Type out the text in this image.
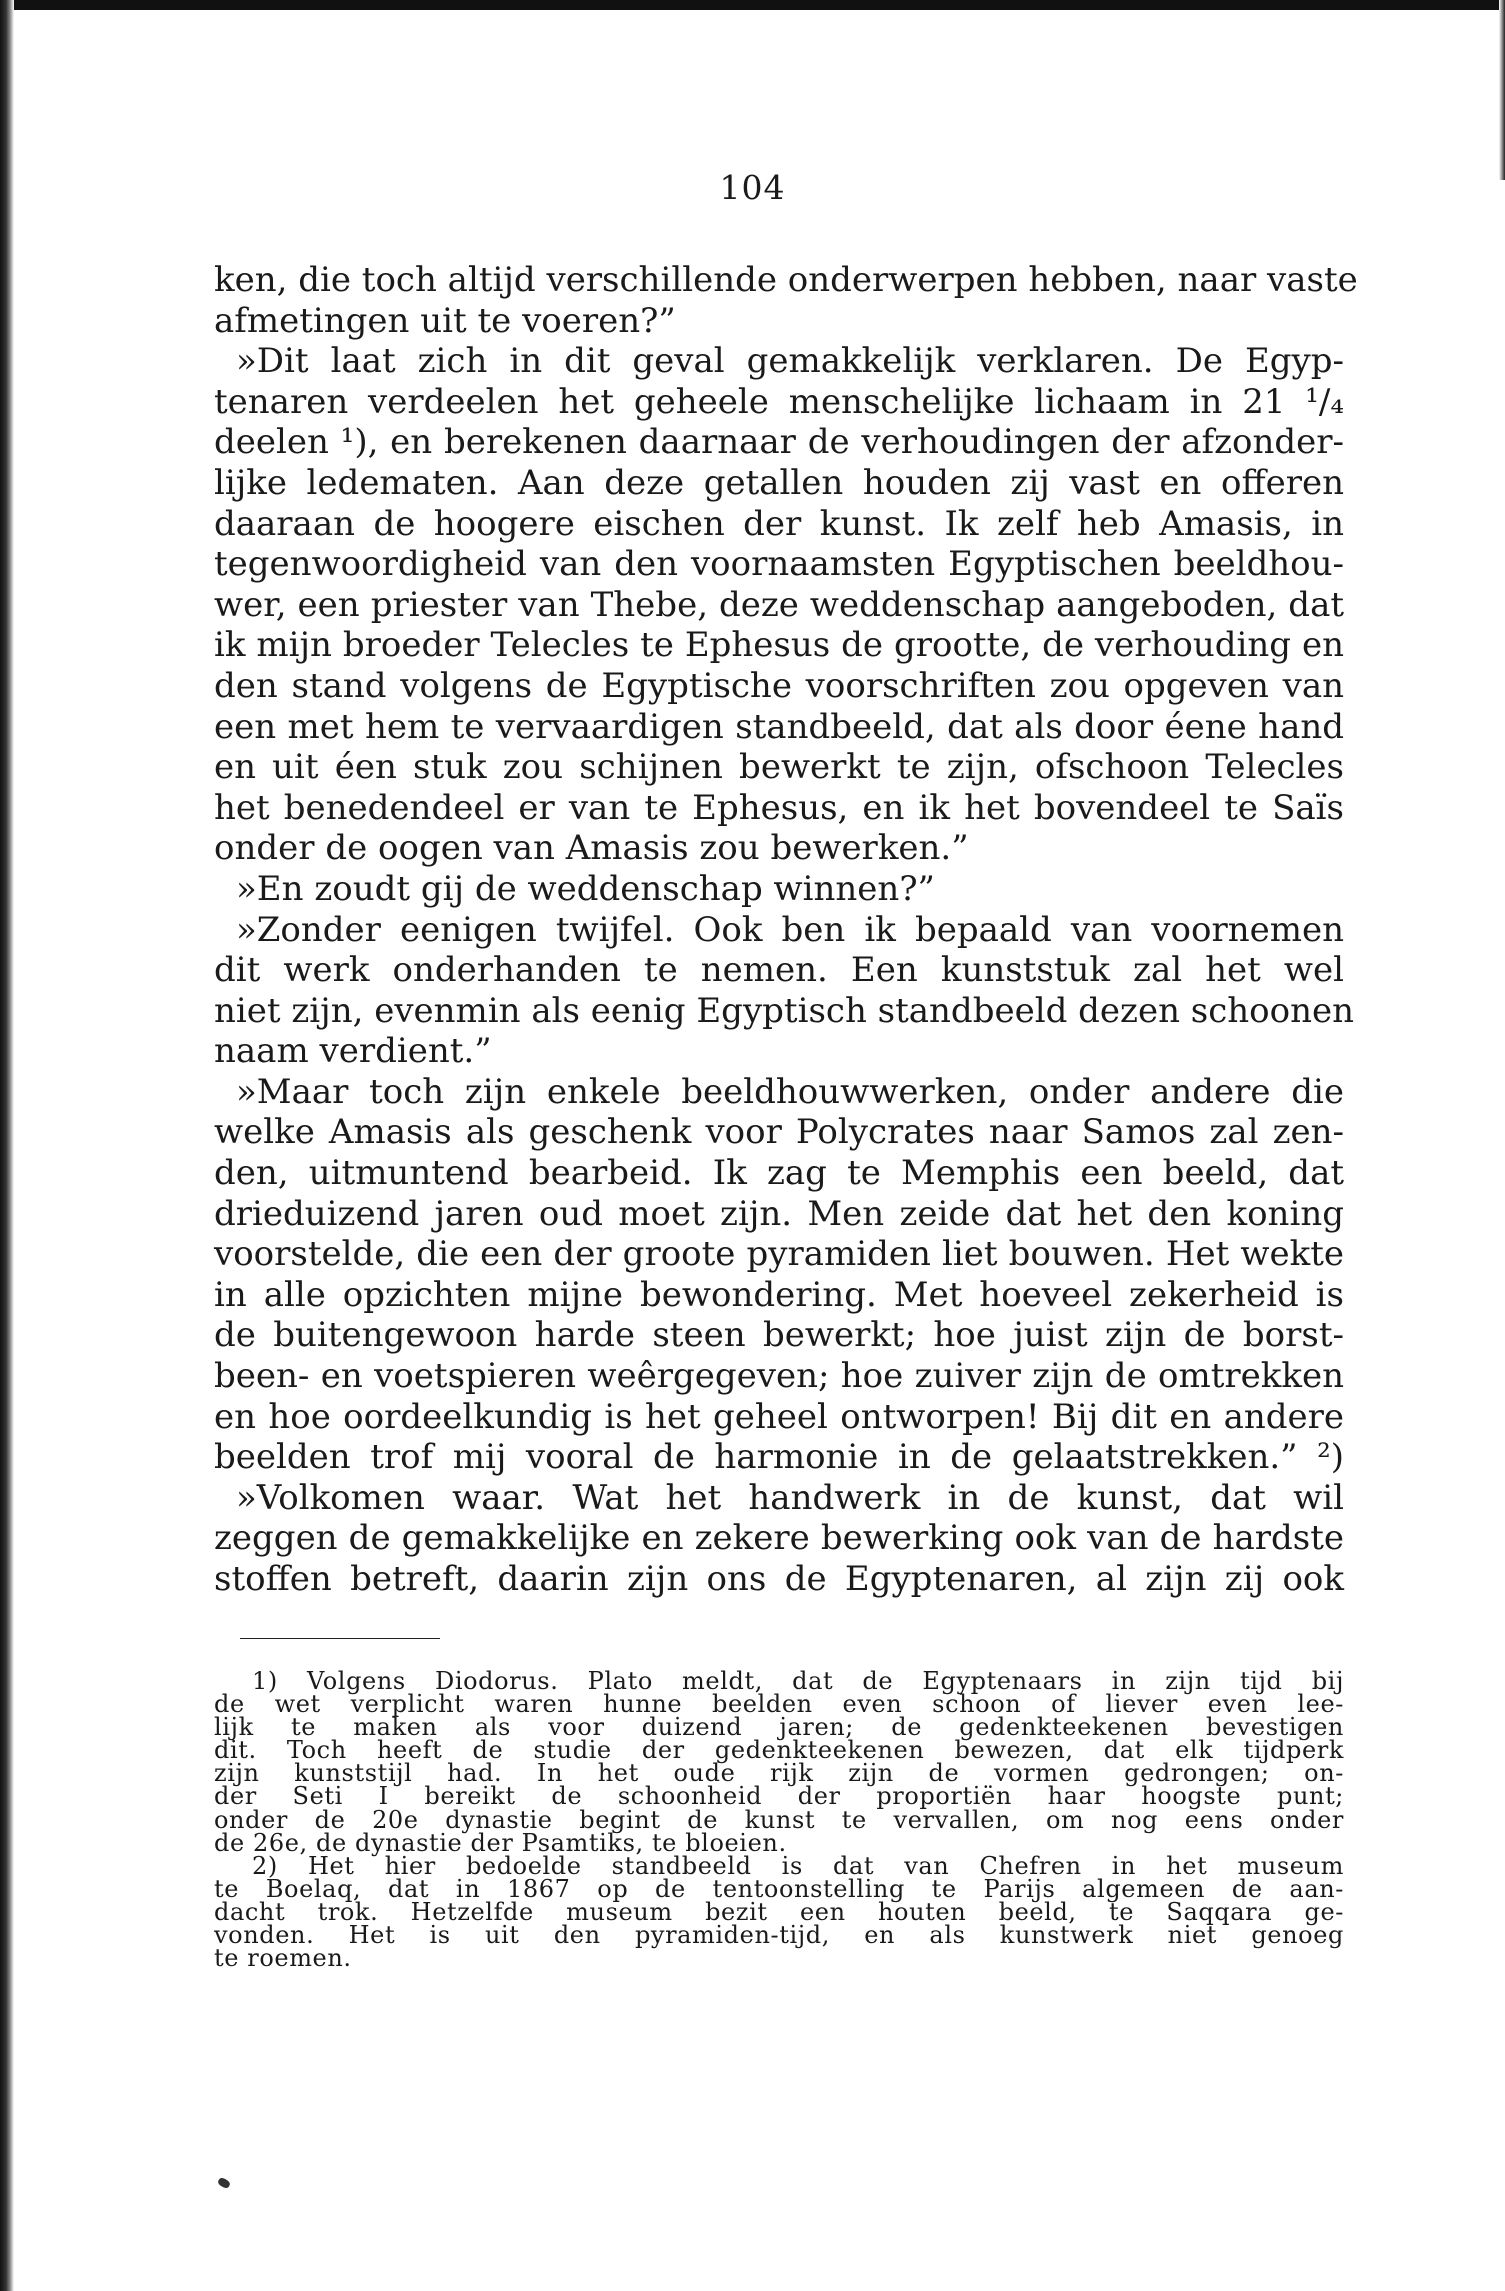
104
ken, die toch altijd verschillende onderwerpen hebben, naar vaste
afmetingen uit te voeren?”
»Dit laat zich in dit geval gemakkelijk verklaren. De Egyp-
tenaren verdeelen het geheele menschelijke lichaam in 21 ¹/₄
deelen ¹), en berekenen daarnaar de verhoudingen der afzonder-
lijke ledematen. Aan deze getallen houden zij vast en offeren
daaraan de hoogere eischen der kunst. Ik zelf heb Amasis, in
tegenwoordigheid van den voornaamsten Egyptischen beeldhou-
wer, een priester van Thebe, deze weddenschap aangeboden, dat
ik mijn broeder Telecles te Ephesus de grootte, de verhouding en
den stand volgens de Egyptische voorschriften zou opgeven van
een met hem te vervaardigen standbeeld, dat als door éene hand
en uit éen stuk zou schijnen bewerkt te zijn, ofschoon Telecles
het benedendeel er van te Ephesus, en ik het bovendeel te Saïs
onder de oogen van Amasis zou bewerken.”
»En zoudt gij de weddenschap winnen?”
»Zonder eenigen twijfel. Ook ben ik bepaald van voornemen
dit werk onderhanden te nemen. Een kunststuk zal het wel
niet zijn, evenmin als eenig Egyptisch standbeeld dezen schoonen
naam verdient.”
»Maar toch zijn enkele beeldhouwwerken, onder andere die
welke Amasis als geschenk voor Polycrates naar Samos zal zen-
den, uitmuntend bearbeid. Ik zag te Memphis een beeld, dat
drieduizend jaren oud moet zijn. Men zeide dat het den koning
voorstelde, die een der groote pyramiden liet bouwen. Het wekte
in alle opzichten mijne bewondering. Met hoeveel zekerheid is
de buitengewoon harde steen bewerkt; hoe juist zijn de borst-
been- en voetspieren weêrgegeven; hoe zuiver zijn de omtrekken
en hoe oordeelkundig is het geheel ontworpen! Bij dit en andere
beelden trof mij vooral de harmonie in de gelaatstrekken.” ²)
»Volkomen waar. Wat het handwerk in de kunst, dat wil
zeggen de gemakkelijke en zekere bewerking ook van de hardste
stoffen betreft, daarin zijn ons de Egyptenaren, al zijn zij ook
1) Volgens Diodorus. Plato meldt, dat de Egyptenaars in zijn tijd bij
de wet verplicht waren hunne beelden even schoon of liever even lee-
lijk te maken als voor duizend jaren; de gedenkteekenen bevestigen
dit. Toch heeft de studie der gedenkteekenen bewezen, dat elk tijdperk
zijn kunststijl had. In het oude rijk zijn de vormen gedrongen; on-
der Seti I bereikt de schoonheid der proportiën haar hoogste punt;
onder de 20e dynastie begint de kunst te vervallen, om nog eens onder
de 26e, de dynastie der Psamtiks, te bloeien.
2) Het hier bedoelde standbeeld is dat van Chefren in het museum
te Boelaq, dat in 1867 op de tentoonstelling te Parijs algemeen de aan-
dacht trok. Hetzelfde museum bezit een houten beeld, te Saqqara ge-
vonden. Het is uit den pyramiden-tijd, en als kunstwerk niet genoeg
te roemen.
